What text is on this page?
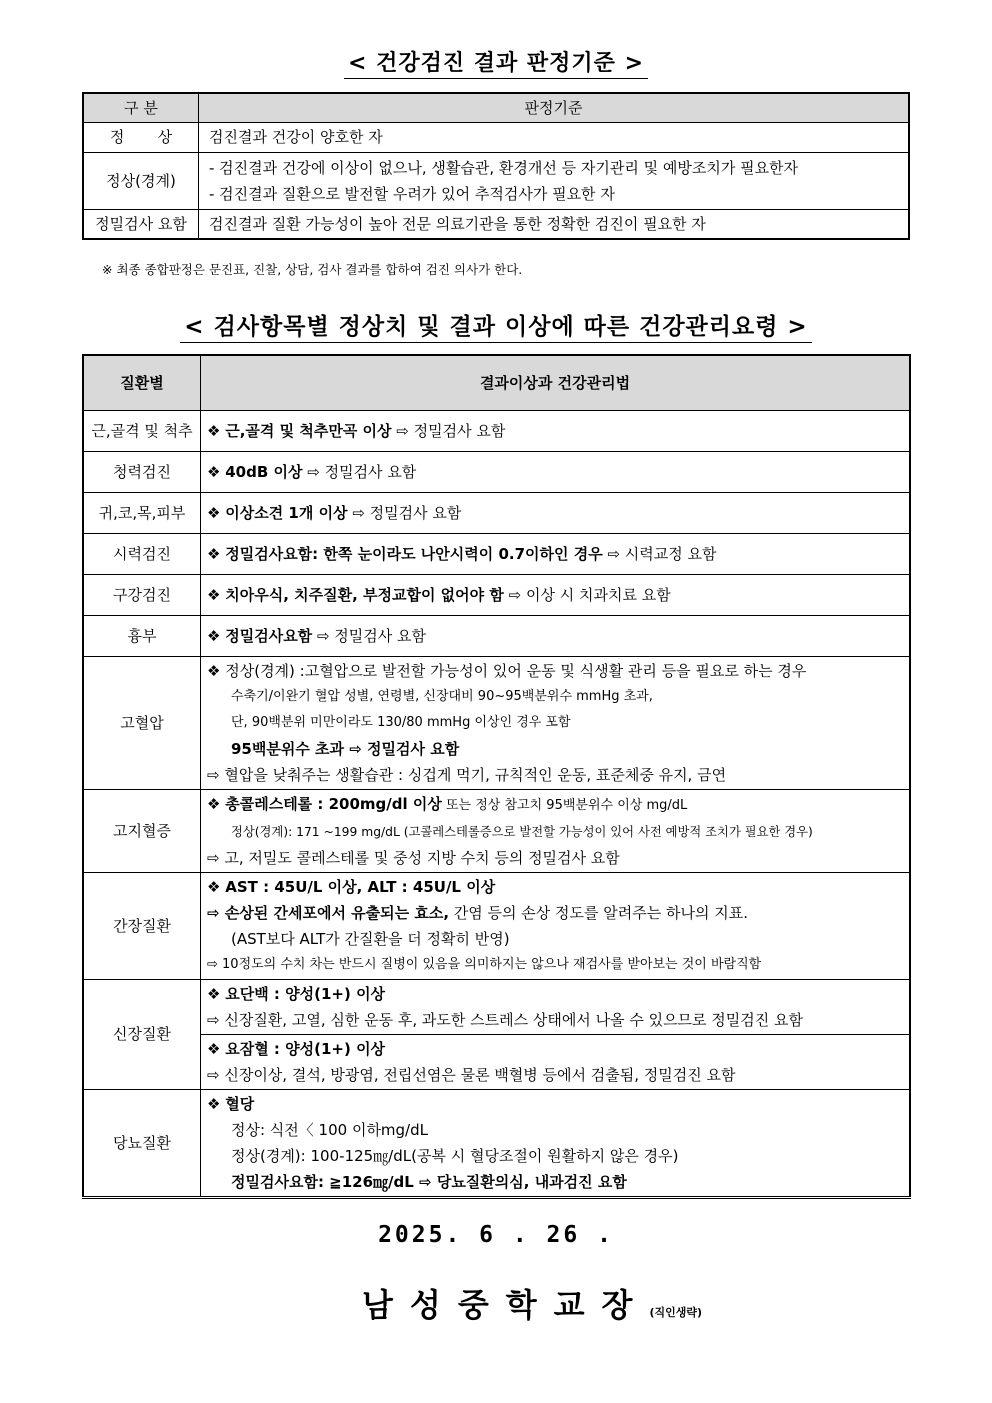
< 건강검진 결과 판정기준 >
구 분	판정기준
정       상	검진결과 건강이 양호한 자
정상(경계)	- 검진결과 건강에 이상이 없으나, 생활습관, 환경개선 등 자기관리 및 예방조치가 필요한자
- 검진결과 질환으로 발전할 우려가 있어 추적검사가 필요한 자

정밀검사 요함	검진결과 질환 가능성이 높아 전문 의료기관을 통한 정확한 검진이 필요한 자
※ 최종 종합판정은 문진표, 진찰, 상담, 검사 결과를 합하여 검진 의사가 한다.
< 검사항목별 정상치 및 결과 이상에 따른 건강관리요령 >
질환별	결과이상과 건강관리법
근,골격 및 척추	❖ 근,골격 및 척추만곡 이상 ⇨ 정밀검사 요함
청력검진	❖ 40dB 이상 ⇨ 정밀검사 요함
귀,코,목,피부	❖ 이상소견 1개 이상 ⇨ 정밀검사 요함
시력검진	❖ 정밀검사요함: 한쪽 눈이라도 나안시력이 0.7이하인 경우 ⇨ 시력교정 요함
구강검진	❖ 치아우식, 치주질환, 부정교합이 없어야 함 ⇨ 이상 시 치과치료 요함
흉부	❖ 정밀검사요함 ⇨ 정밀검사 요함
고혈압	❖ 정상(경계) :고혈압으로 발전할 가능성이 있어 운동 및 식생활 관리 등을 필요로 하는 경우
수축기/이완기 혈압 성별, 연령별, 신장대비 90~95백분위수 mmHg 초과,
단, 90백분위 미만이라도 130/80 mmHg 이상인 경우 포함
95백분위수 초과 ⇨ 정밀검사 요함
⇨ 혈압을 낮춰주는 생활습관 : 싱겁게 먹기, 규칙적인 운동, 표준체중 유지, 금연

고지혈증	❖ 총콜레스테롤 : 200mg/dl 이상 또는 정상 참고치 95백분위수 이상 mg/dL
정상(경계): 171 ~199 mg/dL (고콜레스테롤증으로 발전할 가능성이 있어 사전 예방적 조치가 필요한 경우)
⇨ 고, 저밀도 콜레스테롤 및 중성 지방 수치 등의 정밀검사 요함

간장질환	❖ AST : 45U/L 이상, ALT : 45U/L 이상
⇨ 손상된 간세포에서 유출되는 효소, 간염 등의 손상 정도를 알려주는 하나의 지표.
(AST보다 ALT가 간질환을 더 정확히 반영)
⇨ 10정도의 수치 차는 반드시 질병이 있음을 의미하지는 않으나 재검사를 받아보는 것이 바람직함

신장질환	❖ 요단백 : 양성(1+) 이상
⇨ 신장질환, 고열, 심한 운동 후, 과도한 스트레스 상태에서 나올 수 있으므로 정밀검진 요함

	❖ 요잠혈 : 양성(1+) 이상
⇨ 신장이상, 결석, 방광염, 전립선염은 물론 백혈병 등에서 검출됨, 정밀검진 요함

당뇨질환	❖ 혈당
정상: 식전〈 100 이하mg/dL
정상(경계): 100-125㎎/dL(공복 시 혈당조절이 원활하지 않은 경우)
정밀검사요함: ≧126㎎/dL ⇨ 당뇨질환의심, 내과검진 요함
2025. 6 . 26 .
남성중학교장(직인생략)
